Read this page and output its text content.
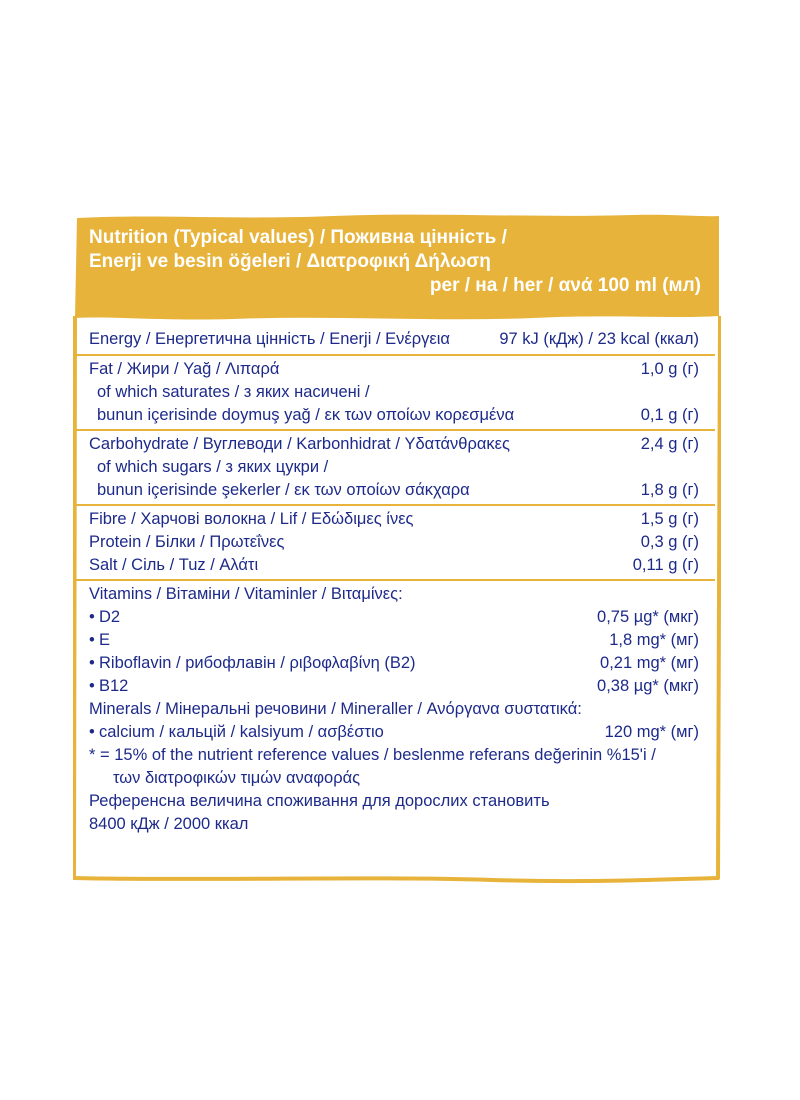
Nutrition (Typical values) / Поживна цінність /
Enerji ve besin öğeleri / Διατροφική Δήλωση
per / на / her / ανά 100 ml (мл)
Energy / Енергетична цінність / Enerji / Ενέργεια	97 kJ (кДж) / 23 kcal (ккал)
Fat / Жири / Yağ / Λιπαρά	1,0 g (г)
of which saturates / з яких насичені /
bunun içerisinde doymuş yağ / εκ των οποίων κορεσμένα	0,1 g (г)
Carbohydrate / Вуглеводи / Karbonhidrat / Υδατάνθρακες	2,4 g (г)
of which sugars / з яких цукри /
bunun içerisinde şekerler / εκ των οποίων σάκχαρα	1,8 g (г)
Fibre / Харчові волокна / Lif / Εδώδιμες ίνες	1,5 g (г)
Protein / Білки / Πρωτεΐνες	0,3 g (г)
Salt / Сіль / Tuz / Αλάτι	0,11 g (г)
Vitamins / Вітаміни / Vitaminler / Βιταμίνες:
• D2	0,75 µg* (мкг)
• E	1,8 mg* (мг)
• Riboflavin / рибофлавін / ριβοφλαβίνη (B2)	0,21 mg* (мг)
• B12	0,38 µg* (мкг)
Minerals / Мінеральні речовини / Mineraller / Ανόργανα συστατικά:
• calcium / кальцій / kalsiyum / ασβέστιο	120 mg* (мг)
* = 15% of the nutrient reference values / beslenme referans değerinin %15'i /
των διατροφικών τιμών αναφοράς
Референсна величина споживання для дорослих становить
8400 кДж / 2000 ккал
